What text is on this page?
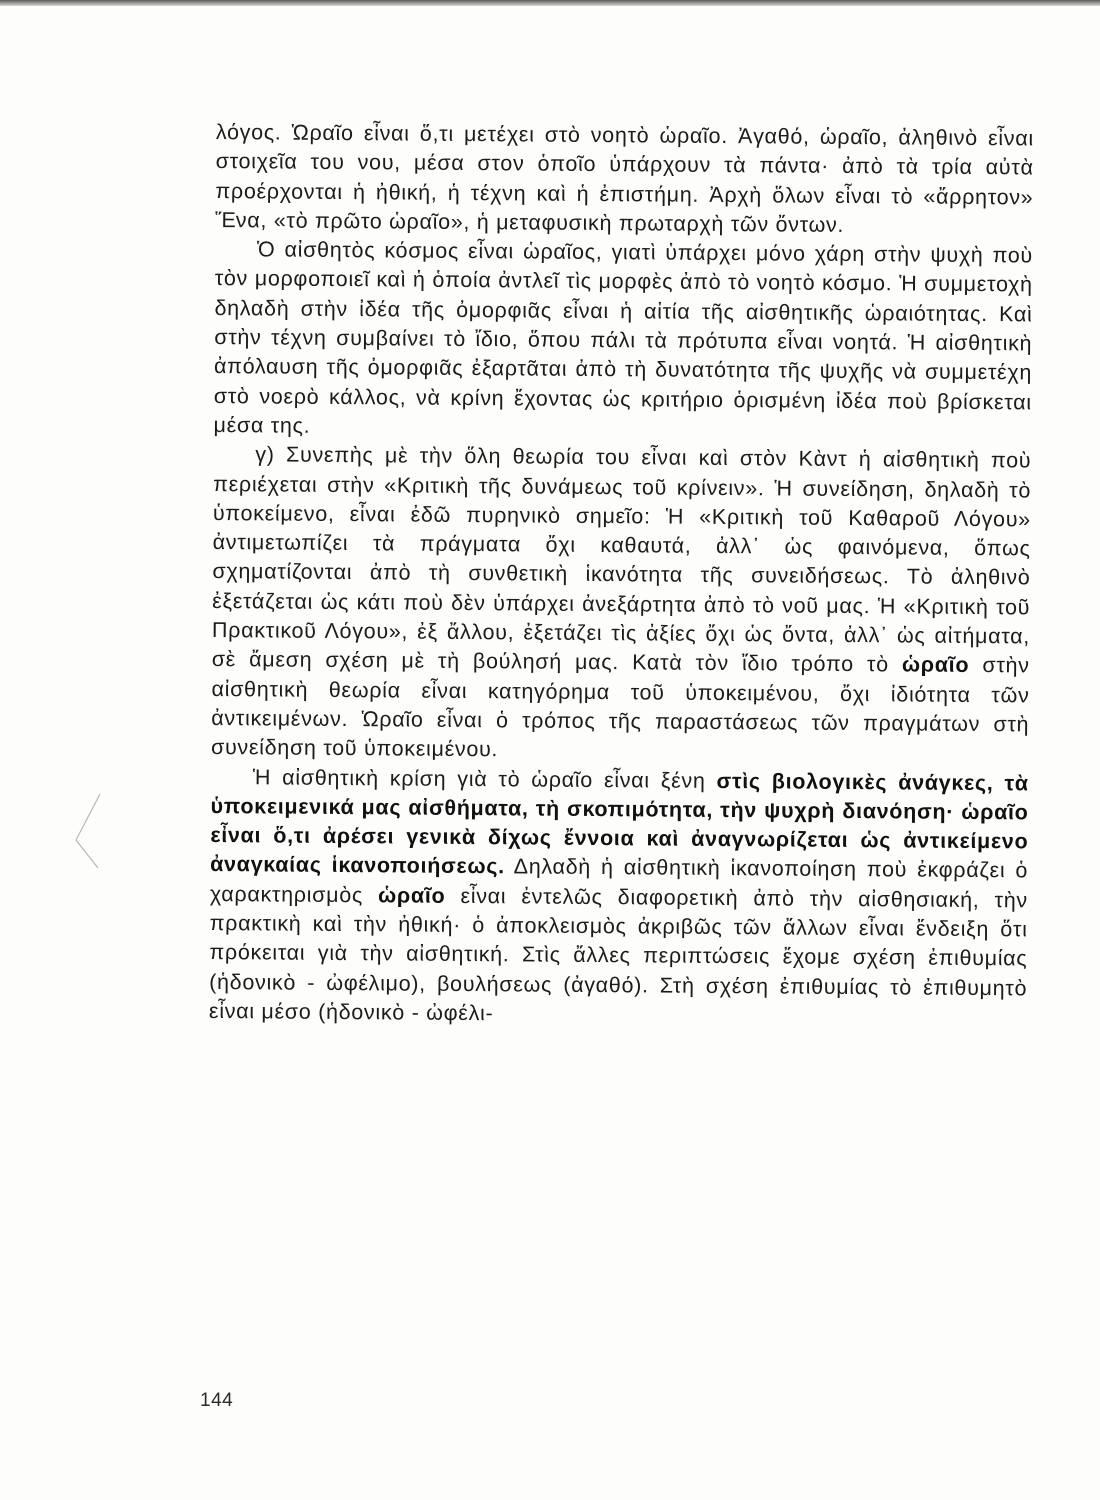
λόγος. Ὡραῖο εἶναι ὅ,τι μετέχει στὸ νοητὸ ὡραῖο. Ἀγαθό, ὡραῖο, ἀληθινὸ εἶναι στοιχεῖα του νου, μέσα στον ὁποῖο ὑπάρχουν τὰ πάντα· ἀπὸ τὰ τρία αὐτὰ προέρχονται ἡ ἠθική, ἡ τέχνη καὶ ἡ ἐπιστήμη. Ἀρχὴ ὅλων εἶναι τὸ «ἄρρητον» Ἕνα, «τὸ πρῶτο ὡραῖο», ἡ μεταφυσικὴ πρωταρχὴ τῶν ὄντων.

Ὁ αἰσθητὸς κόσμος εἶναι ὡραῖος, γιατὶ ὑπάρχει μόνο χάρη στὴν ψυχὴ ποὺ τὸν μορφοποιεῖ καὶ ἡ ὁποία ἀντλεῖ τὶς μορφὲς ἀπὸ τὸ νοητὸ κόσμο. Ἡ συμμετοχὴ δηλαδὴ στὴν ἰδέα τῆς ὀμορφιᾶς εἶναι ἡ αἰτία τῆς αἰσθητικῆς ὡραιότητας. Καὶ στὴν τέχνη συμβαίνει τὸ ἴδιο, ὅπου πάλι τὰ πρότυπα εἶναι νοητά. Ἡ αἰσθητικὴ ἀπόλαυση τῆς ὀμορφιᾶς ἐξαρτᾶται ἀπὸ τὴ δυνατότητα τῆς ψυχῆς νὰ συμμετέχη στὸ νοερὸ κάλλος, νὰ κρίνη ἔχοντας ὡς κριτήριο ὁρισμένη ἰδέα ποὺ βρίσκεται μέσα της.

γ) Συνεπὴς μὲ τὴν ὅλη θεωρία του εἶναι καὶ στὸν Κὰντ ἡ αἰσθητικὴ ποὺ περιέχεται στὴν «Κριτικὴ τῆς δυνάμεως τοῦ κρίνειν». Ἡ συνείδηση, δηλαδὴ τὸ ὑποκείμενο, εἶναι ἐδῶ πυρηνικὸ σημεῖο: Ἡ «Κριτικὴ τοῦ Καθαροῦ Λόγου» ἀντιμετωπίζει τὰ πράγματα ὄχι καθαυτά, ἀλλ᾿ ὡς φαινόμενα, ὅπως σχηματίζονται ἀπὸ τὴ συνθετικὴ ἱκανότητα τῆς συνειδήσεως. Τὸ ἀληθινὸ ἐξετάζεται ὡς κάτι ποὺ δὲν ὑπάρχει ἀνεξάρτητα ἀπὸ τὸ νοῦ μας. Ἡ «Κριτικὴ τοῦ Πρακτικοῦ Λόγου», ἐξ ἄλλου, ἐξετάζει τὶς ἀξίες ὄχι ὡς ὄντα, ἀλλ᾿ ὡς αἰτήματα, σὲ ἄμεση σχέση μὲ τὴ βούλησή μας. Κατὰ τὸν ἴδιο τρόπο τὸ ὡραῖο στὴν αἰσθητικὴ θεωρία εἶναι κατηγόρημα τοῦ ὑποκειμένου, ὄχι ἰδιότητα τῶν ἀντικειμένων. Ὡραῖο εἶναι ὁ τρόπος τῆς παραστάσεως τῶν πραγμάτων στὴ συνείδηση τοῦ ὑποκειμένου.

Ἡ αἰσθητικὴ κρίση γιὰ τὸ ὡραῖο εἶναι ξένη στὶς βιολογικὲς ἀνάγκες, τὰ ὑποκειμενικά μας αἰσθήματα, τὴ σκοπιμότητα, τὴν ψυχρὴ διανόηση· ὡραῖο εἶναι ὅ,τι ἀρέσει γενικὰ δίχως ἔννοια καὶ ἀναγνωρίζεται ὡς ἀντικείμενο ἀναγκαίας ἱκανοποιήσεως. Δηλαδὴ ἡ αἰσθητικὴ ἱκανοποίηση ποὺ ἐκφράζει ὁ χαρακτηρισμὸς ὡραῖο εἶναι ἐντελῶς διαφορετικὴ ἀπὸ τὴν αἰσθησιακή, τὴν πρακτικὴ καὶ τὴν ἠθική· ὁ ἀποκλεισμὸς ἀκριβῶς τῶν ἄλλων εἶναι ἔνδειξη ὅτι πρόκειται γιὰ τὴν αἰσθητική. Στὶς ἄλλες περιπτώσεις ἔχομε σχέση ἐπιθυμίας (ἡδονικὸ - ὠφέλιμο), βουλήσεως (ἀγαθό). Στὴ σχέση ἐπιθυμίας τὸ ἐπιθυμητὸ εἶναι μέσο (ἡδονικὸ - ὠφέλι-

144
